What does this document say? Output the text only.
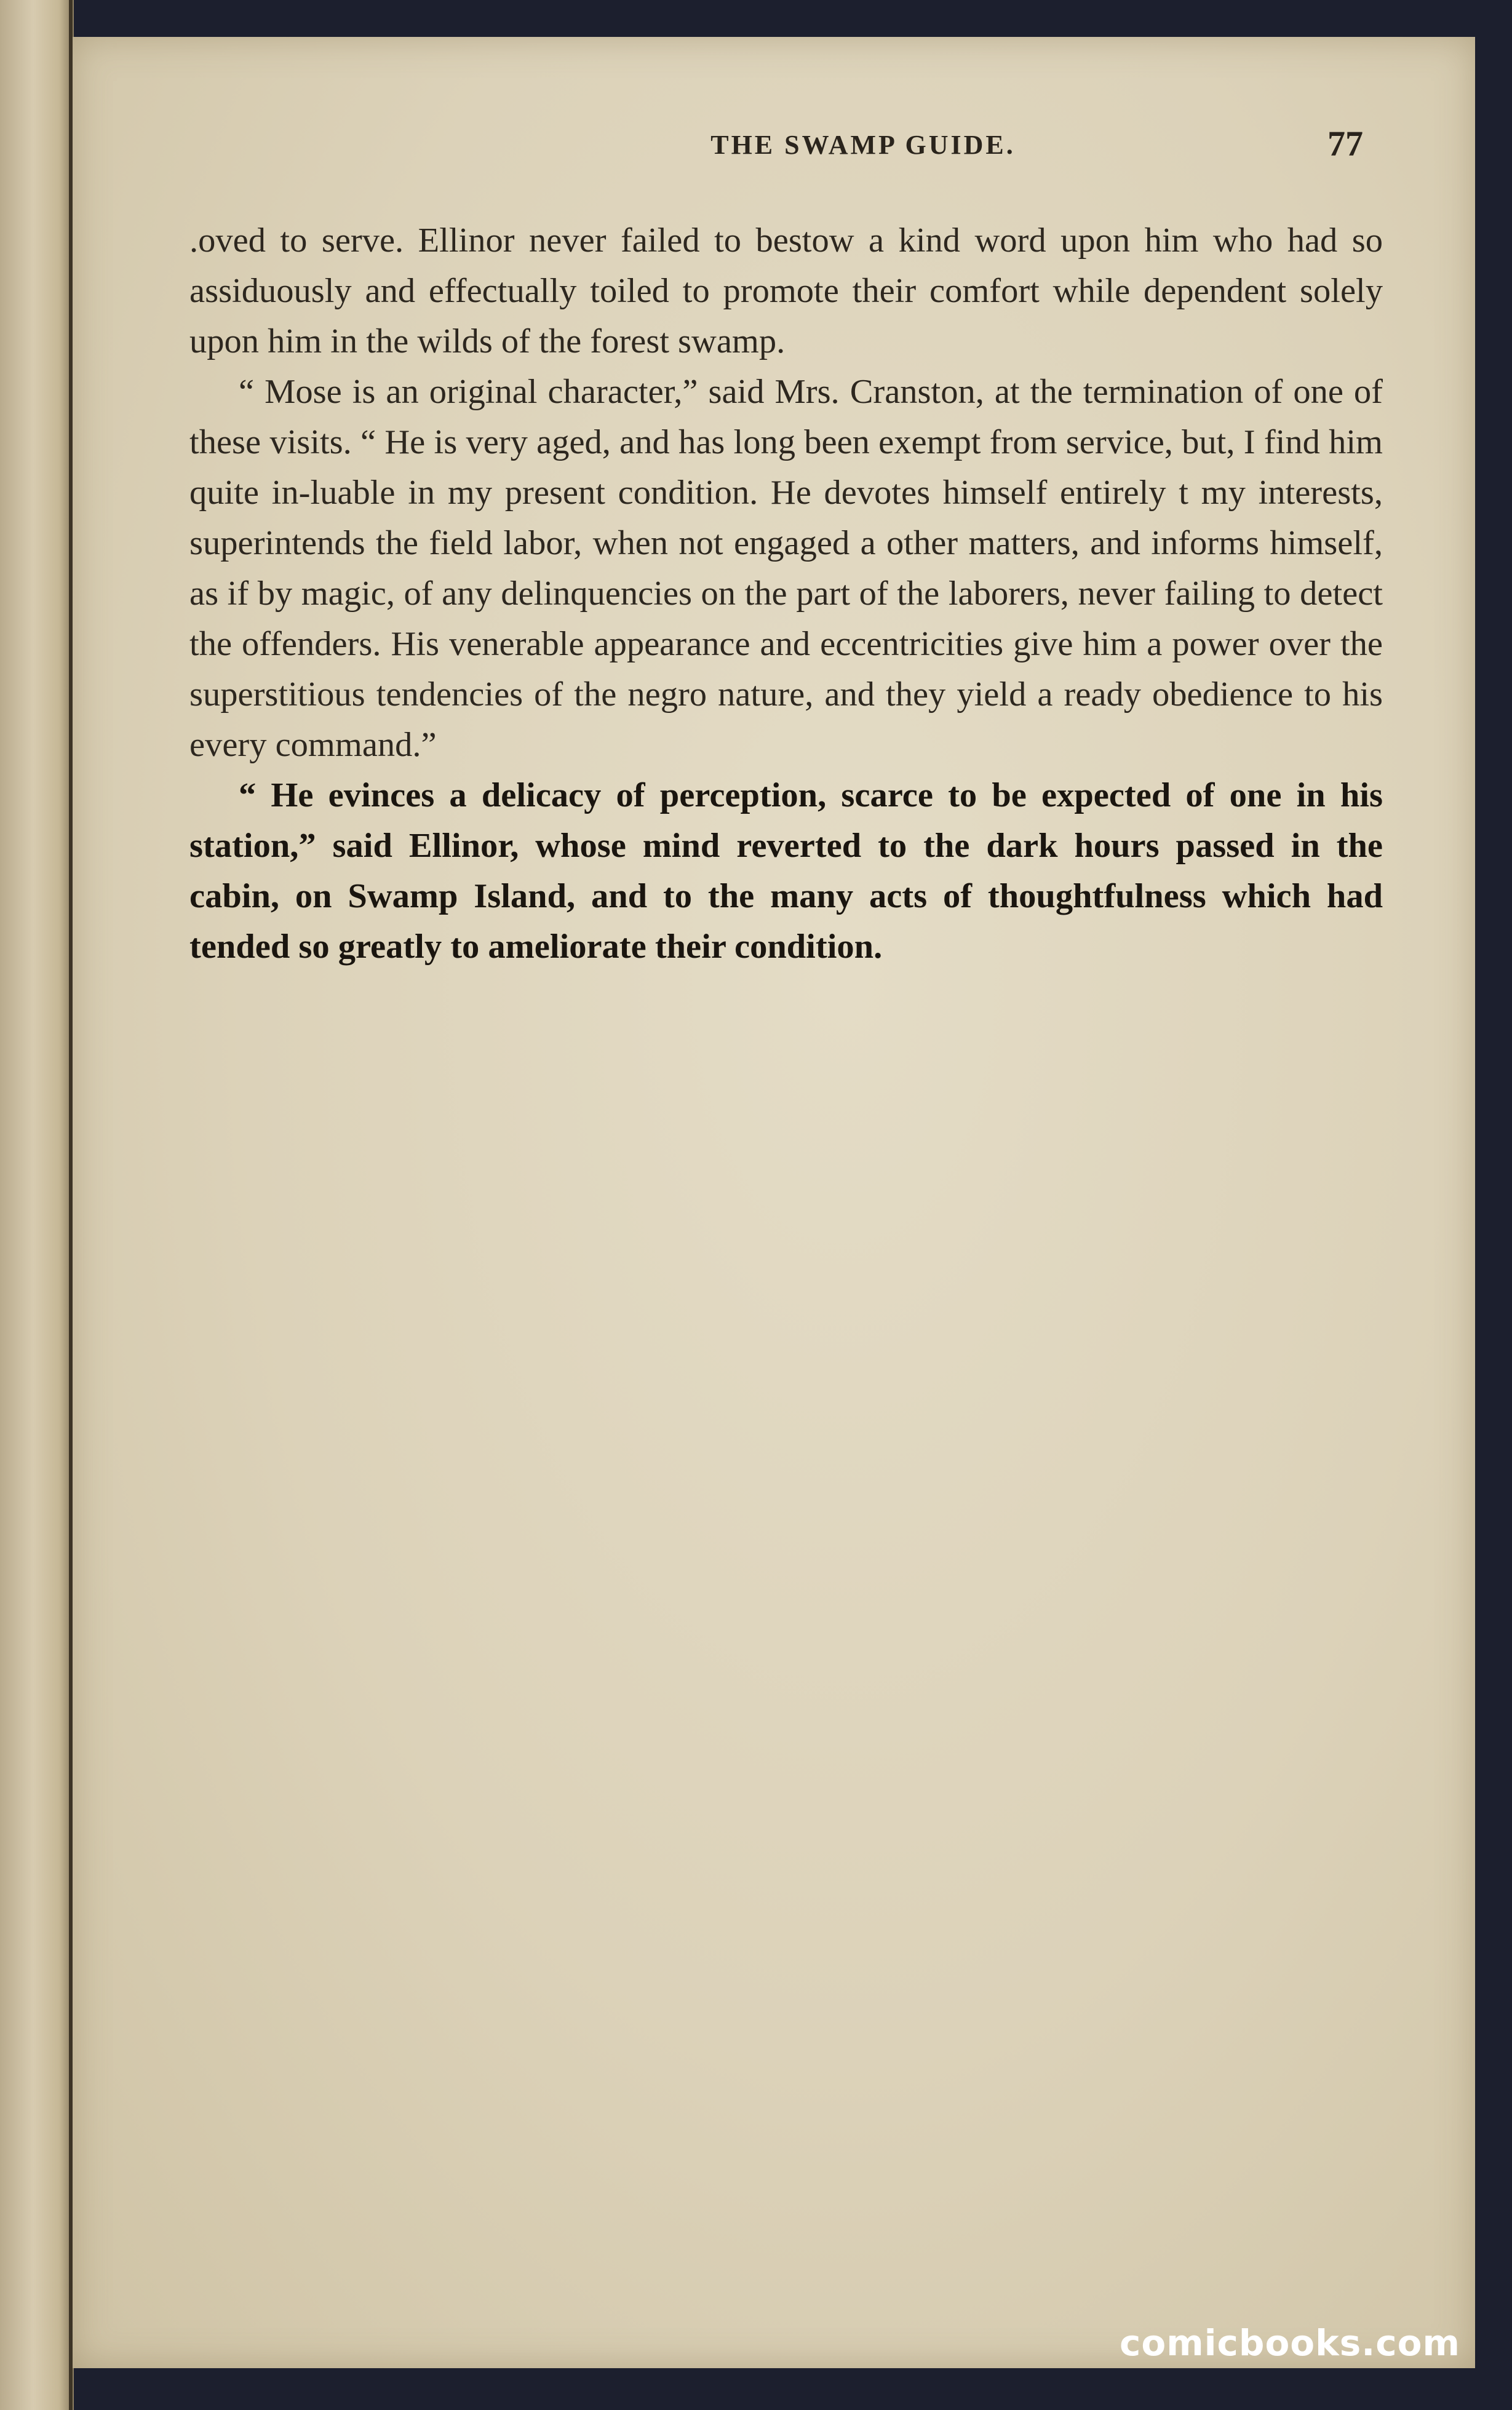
THE SWAMP GUIDE.	77

.oved to serve. Ellinor never failed to bestow a kind word upon him who had so assiduously and effectually toiled to promote their comfort while dependent solely upon him in the wilds of the forest swamp.

“ Mose is an original character,” said Mrs. Cranston, at the termination of one of these visits. “ He is very aged, and has long been exempt from service, but, I find him quite in-luable in my present condition. He devotes himself entirely t my interests, superintends the field labor, when not engaged a other matters, and informs himself, as if by magic, of any delinquencies on the part of the laborers, never failing to detect the offenders. His venerable appearance and eccentricities give him a power over the superstitious tendencies of the negro nature, and they yield a ready obedience to his every command.”

“ He evinces a delicacy of perception, scarce to be expected of one in his station,” said Ellinor, whose mind reverted to the dark hours passed in the cabin, on Swamp Island, and to the many acts of thoughtfulness which had tended so greatly to ameliorate their condition.

comicbooks.com
